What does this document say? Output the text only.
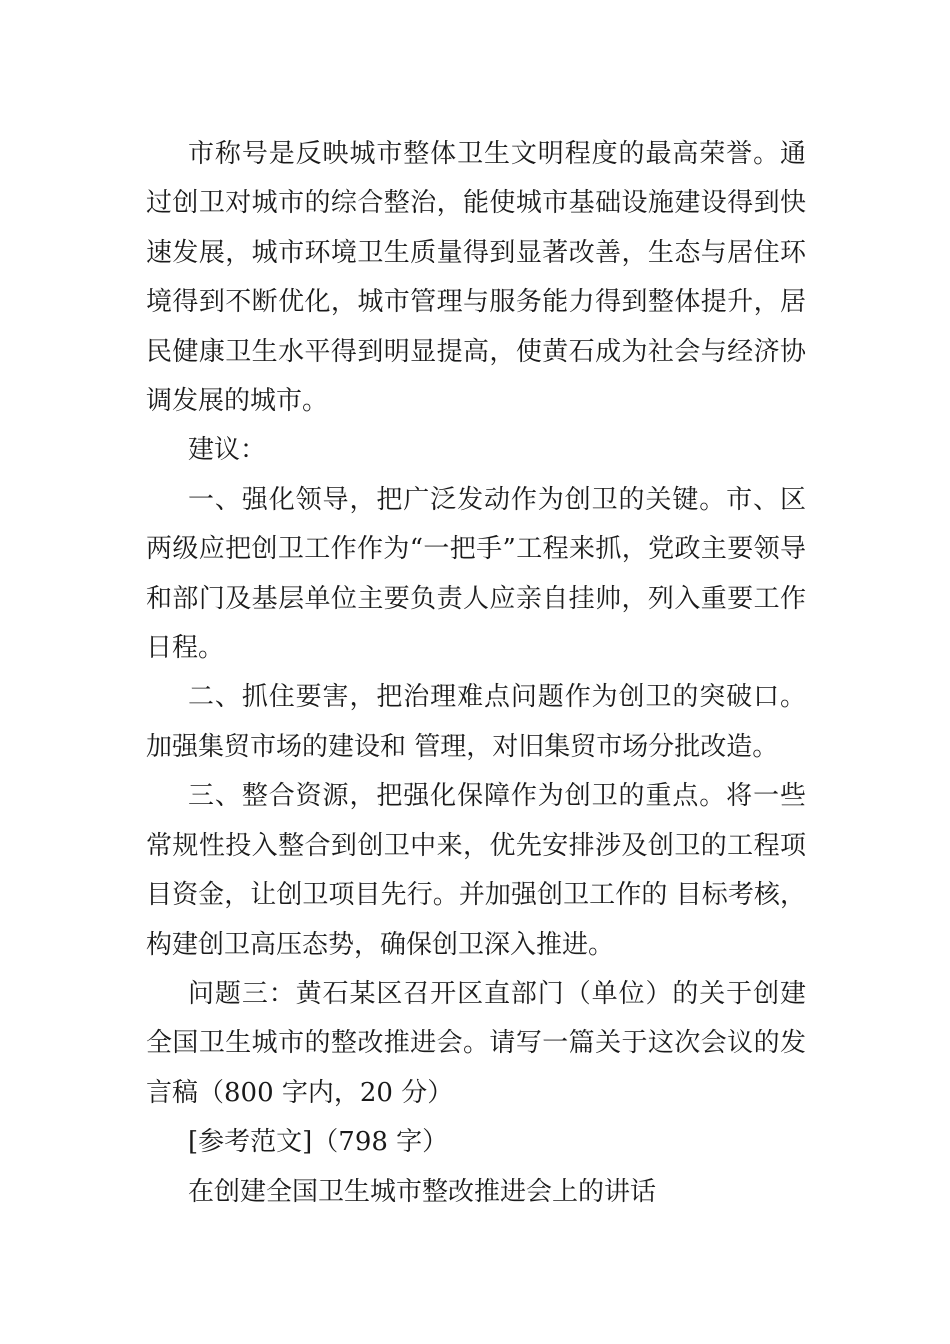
市称号是反映城市整体卫生文明程度的最高荣誉。通过创卫对城市的综合整治，能使城市基础设施建设得到快速发展，城市环境卫生质量得到显著改善，生态与居住环境得到不断优化，城市管理与服务能力得到整体提升，居民健康卫生水平得到明显提高，使黄石成为社会与经济协调发展的城市。

建议：

一、强化领导，把广泛发动作为创卫的关键。市、区两级应把创卫工作作为“一把手”工程来抓，党政主要领导和部门及基层单位主要负责人应亲自挂帅，列入重要工作日程。

二、抓住要害，把治理难点问题作为创卫的突破口。加强集贸市场的建设和 管理，对旧集贸市场分批改造。

三、整合资源，把强化保障作为创卫的重点。将一些常规性投入整合到创卫中来，优先安排涉及创卫的工程项目资金，让创卫项目先行。并加强创卫工作的 目标考核，构建创卫高压态势，确保创卫深入推进。

问题三：黄石某区召开区直部门（单位）的关于创建全国卫生城市的整改推进会。请写一篇关于这次会议的发言稿（800 字内，20 分）

[参考范文]（798 字）

在创建全国卫生城市整改推进会上的讲话
